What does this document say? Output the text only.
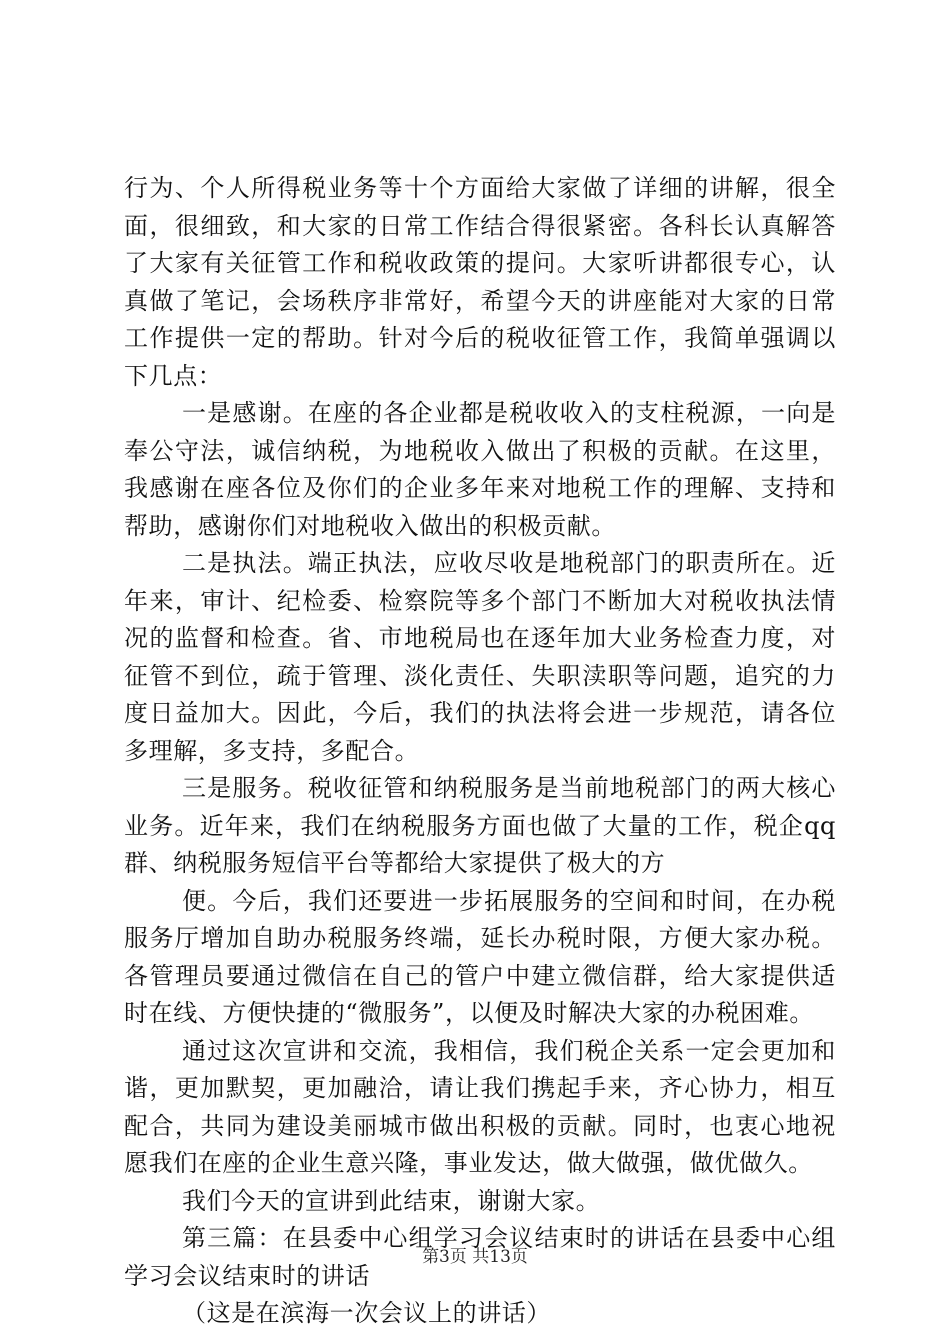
行为、个人所得税业务等十个方面给大家做了详细的讲解，很全面，很细致，和大家的日常工作结合得很紧密。各科长认真解答了大家有关征管工作和税收政策的提问。大家听讲都很专心，认真做了笔记，会场秩序非常好，希望今天的讲座能对大家的日常工作提供一定的帮助。针对今后的税收征管工作，我简单强调以下几点：

一是感谢。在座的各企业都是税收收入的支柱税源，一向是奉公守法，诚信纳税，为地税收入做出了积极的贡献。在这里，我感谢在座各位及你们的企业多年来对地税工作的理解、支持和帮助，感谢你们对地税收入做出的积极贡献。

二是执法。端正执法，应收尽收是地税部门的职责所在。近年来，审计、纪检委、检察院等多个部门不断加大对税收执法情况的监督和检查。省、市地税局也在逐年加大业务检查力度，对征管不到位，疏于管理、淡化责任、失职渎职等问题，追究的力度日益加大。因此，今后，我们的执法将会进一步规范，请各位多理解，多支持，多配合。

三是服务。税收征管和纳税服务是当前地税部门的两大核心业务。近年来，我们在纳税服务方面也做了大量的工作，税企qq群、纳税服务短信平台等都给大家提供了极大的方

便。今后，我们还要进一步拓展服务的空间和时间，在办税服务厅增加自助办税服务终端，延长办税时限，方便大家办税。各管理员要通过微信在自己的管户中建立微信群，给大家提供适时在线、方便快捷的“微服务”，以便及时解决大家的办税困难。

通过这次宣讲和交流，我相信，我们税企关系一定会更加和谐，更加默契，更加融洽，请让我们携起手来，齐心协力，相互配合，共同为建设美丽城市做出积极的贡献。同时，也衷心地祝愿我们在座的企业生意兴隆，事业发达，做大做强，做优做久。

我们今天的宣讲到此结束，谢谢大家。

第三篇：在县委中心组学习会议结束时的讲话在县委中心组学习会议结束时的讲话

（这是在滨海一次会议上的讲话）

第3页 共13页
